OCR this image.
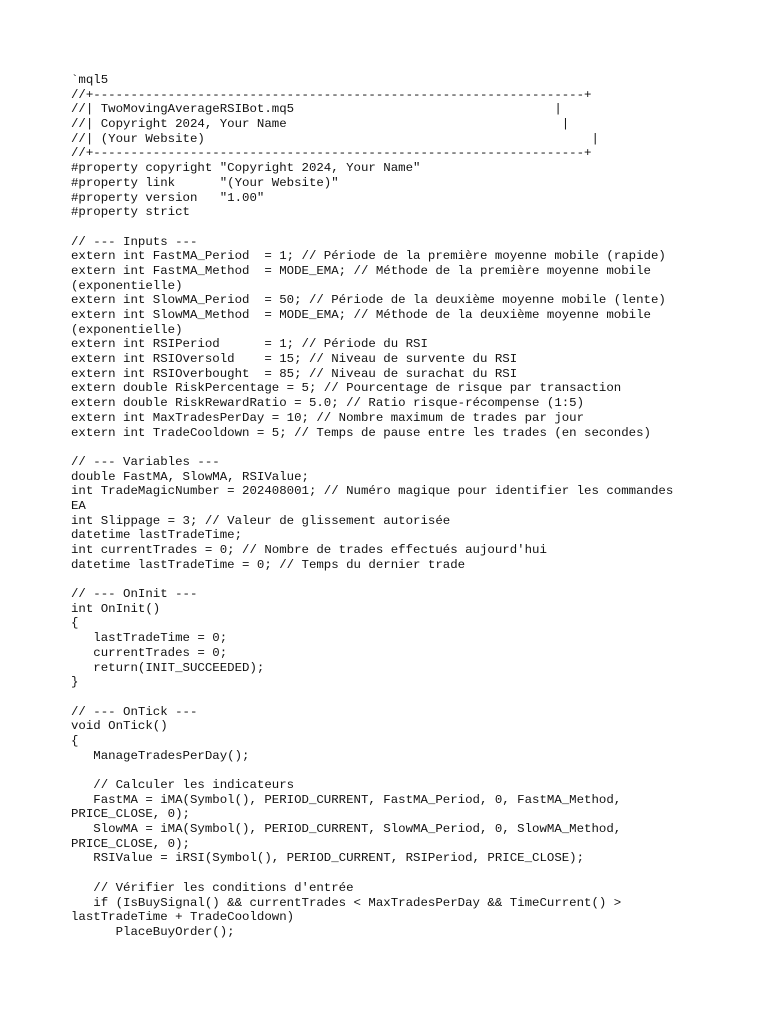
`mql5
//+------------------------------------------------------------------+
//| TwoMovingAverageRSIBot.mq5                                   |
//| Copyright 2024, Your Name                                     |
//| (Your Website)                                                    |
//+------------------------------------------------------------------+
#property copyright "Copyright 2024, Your Name"
#property link      "(Your Website)"
#property version   "1.00"
#property strict

// --- Inputs ---
extern int FastMA_Period  = 1; // Période de la première moyenne mobile (rapide)
extern int FastMA_Method  = MODE_EMA; // Méthode de la première moyenne mobile
(exponentielle)
extern int SlowMA_Period  = 50; // Période de la deuxième moyenne mobile (lente)
extern int SlowMA_Method  = MODE_EMA; // Méthode de la deuxième moyenne mobile
(exponentielle)
extern int RSIPeriod      = 1; // Période du RSI
extern int RSIOversold    = 15; // Niveau de survente du RSI
extern int RSIOverbought  = 85; // Niveau de surachat du RSI
extern double RiskPercentage = 5; // Pourcentage de risque par transaction
extern double RiskRewardRatio = 5.0; // Ratio risque-récompense (1:5)
extern int MaxTradesPerDay = 10; // Nombre maximum de trades par jour
extern int TradeCooldown = 5; // Temps de pause entre les trades (en secondes)

// --- Variables ---
double FastMA, SlowMA, RSIValue;
int TradeMagicNumber = 202408001; // Numéro magique pour identifier les commandes
EA
int Slippage = 3; // Valeur de glissement autorisée
datetime lastTradeTime;
int currentTrades = 0; // Nombre de trades effectués aujourd'hui
datetime lastTradeTime = 0; // Temps du dernier trade

// --- OnInit ---
int OnInit()
{
lastTradeTime = 0;
currentTrades = 0;
return(INIT_SUCCEEDED);
}

// --- OnTick ---
void OnTick()
{
ManageTradesPerDay();

// Calculer les indicateurs
FastMA = iMA(Symbol(), PERIOD_CURRENT, FastMA_Period, 0, FastMA_Method,
PRICE_CLOSE, 0);
SlowMA = iMA(Symbol(), PERIOD_CURRENT, SlowMA_Period, 0, SlowMA_Method,
PRICE_CLOSE, 0);
RSIValue = iRSI(Symbol(), PERIOD_CURRENT, RSIPeriod, PRICE_CLOSE);

// Vérifier les conditions d'entrée
if (IsBuySignal() && currentTrades < MaxTradesPerDay && TimeCurrent() >
lastTradeTime + TradeCooldown)
PlaceBuyOrder();
